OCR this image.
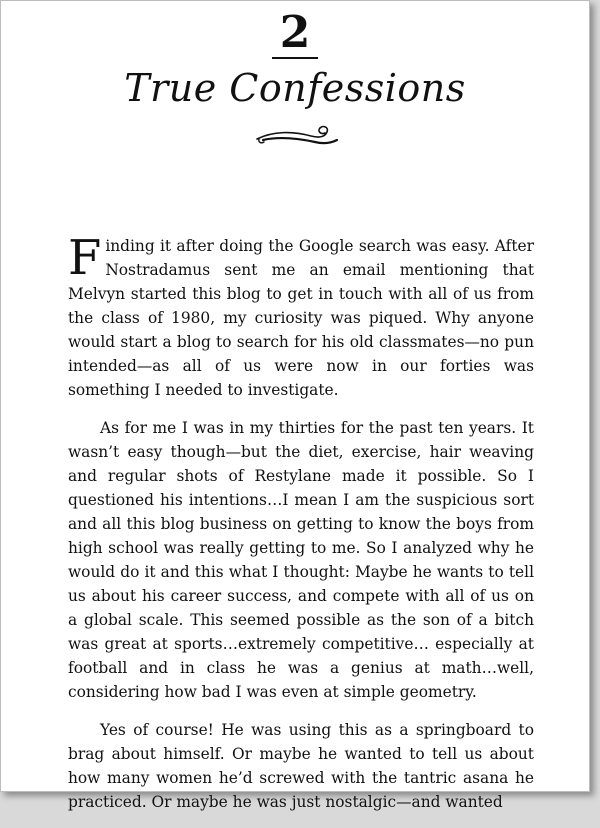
2
True Confessions

Finding it after doing the Google search was easy. After Nostradamus sent me an email mentioning that Melvyn started this blog to get in touch with all of us from the class of 1980, my curiosity was piqued. Why anyone would start a blog to search for his old classmates—no pun intended—as all of us were now in our forties was something I needed to investigate.

As for me I was in my thirties for the past ten years. It wasn’t easy though—but the diet, exercise, hair weaving and regular shots of Restylane made it possible. So I questioned his intentions…I mean I am the suspicious sort and all this blog business on getting to know the boys from high school was really getting to me. So I analyzed why he would do it and this what I thought: Maybe he wants to tell us about his career success, and compete with all of us on a global scale. This seemed possible as the son of a bitch was great at sports…extremely competitive… especially at football and in class he was a genius at math…well, considering how bad I was even at simple geometry.

Yes of course! He was using this as a springboard to brag about himself. Or maybe he wanted to tell us about how many women he’d screwed with the tantric asana he practiced. Or maybe he was just nostalgic—and wanted
